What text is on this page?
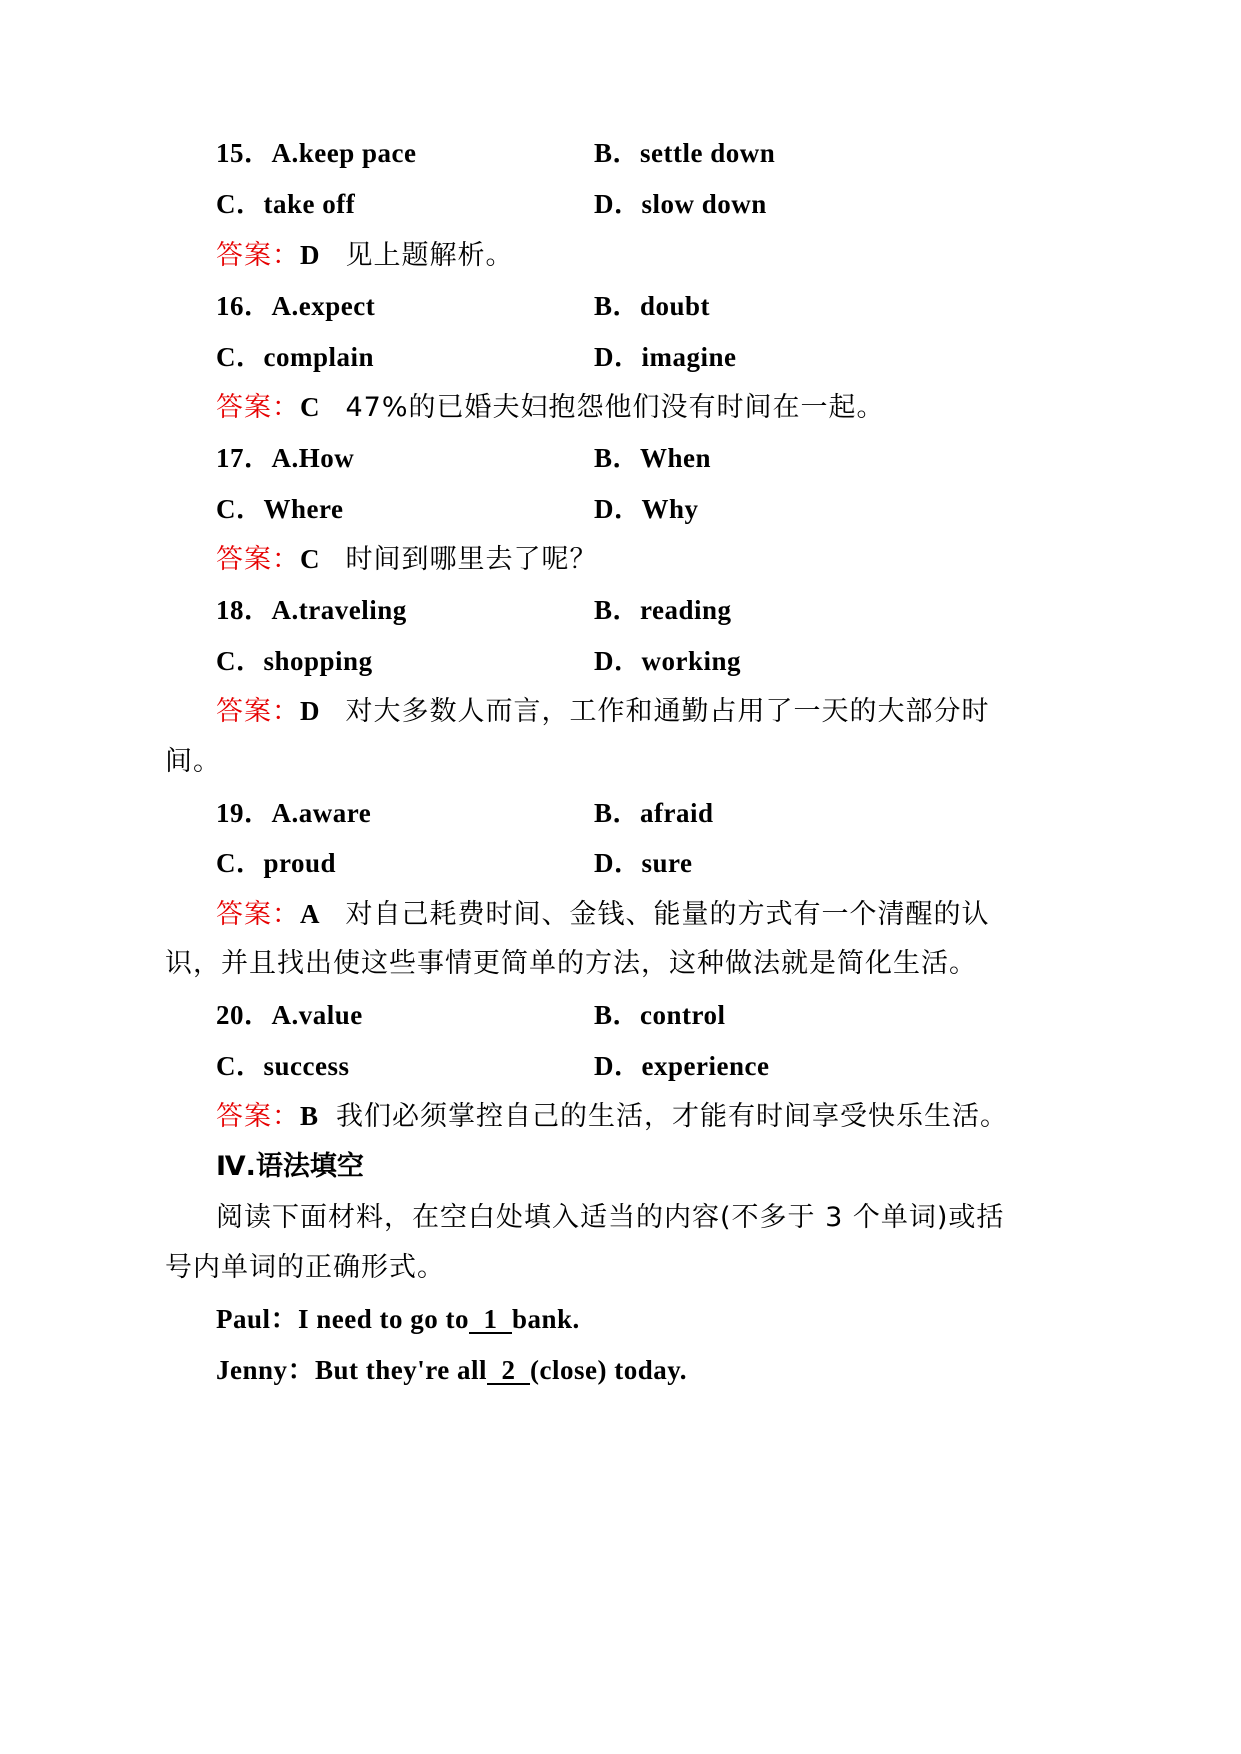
15．A.keep pace	B．settle down
C．take off	D．slow down
答案：D 见上题解析。
16．A.expect	B．doubt
C．complain	D．imagine
答案：C 47%的已婚夫妇抱怨他们没有时间在一起。
17．A.How	B．When
C．Where	D．Why
答案：C 时间到哪里去了呢？
18．A.traveling	B．reading
C．shopping	D．working
答案：D 对大多数人而言，工作和通勤占用了一天的大部分时
间。
19．A.aware	B．afraid
C．proud	D．sure
答案：A 对自己耗费时间、金钱、能量的方式有一个清醒的认
识，并且找出使这些事情更简单的方法，这种做法就是简化生活。
20．A.value	B．control
C．success	D．experience
答案：B 我们必须掌控自己的生活，才能有时间享受快乐生活。
Ⅳ.语法填空
阅读下面材料，在空白处填入适当的内容(不多于 3 个单词)或括
号内单词的正确形式。
Paul：I need to go to  1  bank.
Jenny：But they're all  2  (close) today.
